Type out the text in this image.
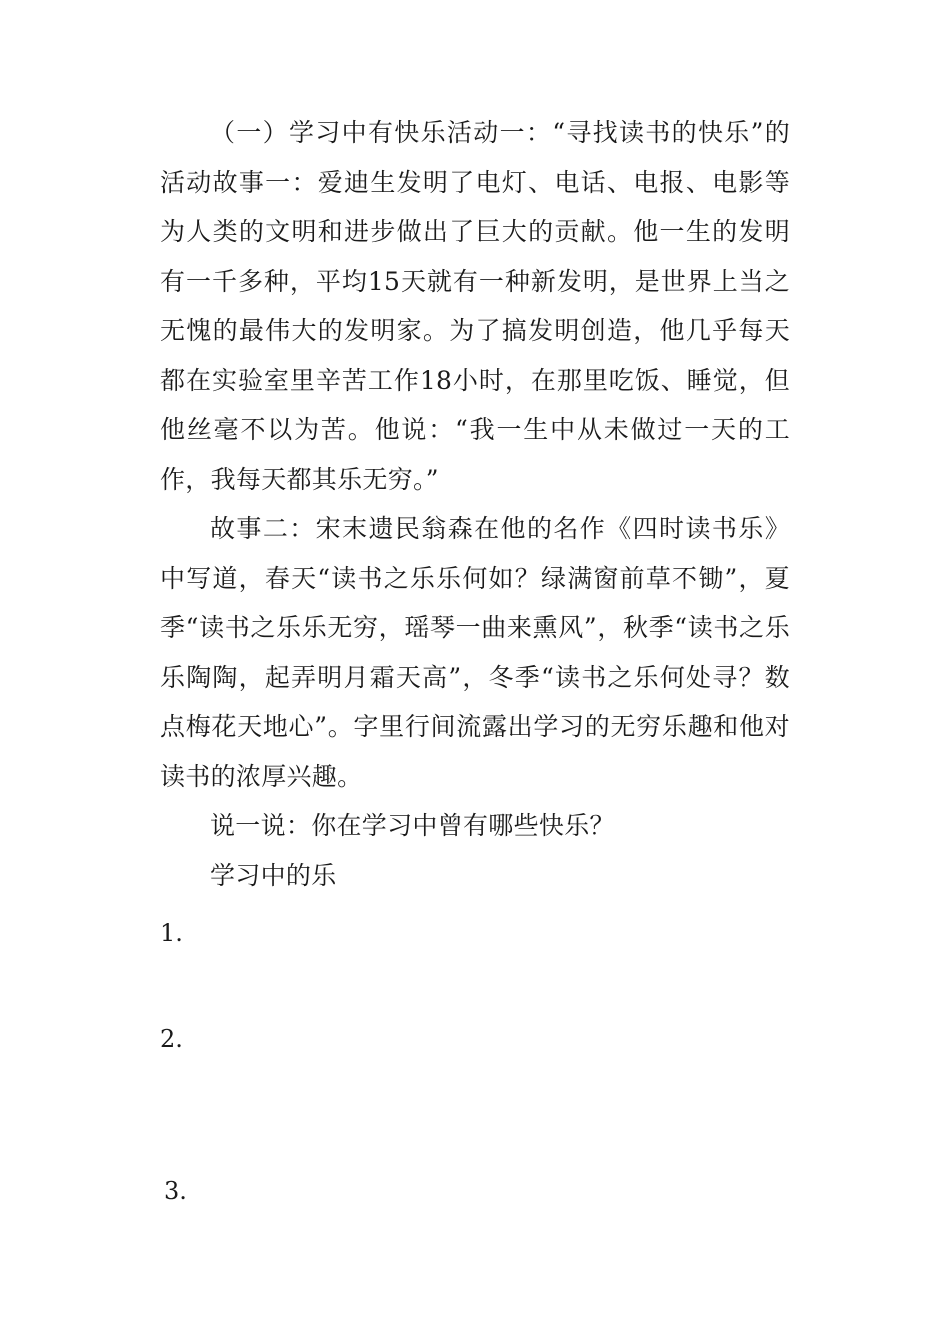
（一）学习中有快乐活动一：“寻找读书的快乐”的活动故事一：爱迪生发明了电灯、电话、电报、电影等为人类的文明和进步做出了巨大的贡献。他一生的发明有一千多种，平均15天就有一种新发明，是世界上当之无愧的最伟大的发明家。为了搞发明创造，他几乎每天都在实验室里辛苦工作18小时，在那里吃饭、睡觉，但他丝毫不以为苦。他说：“我一生中从未做过一天的工作，我每天都其乐无穷。”

故事二：宋末遗民翁森在他的名作《四时读书乐》中写道，春天“读书之乐乐何如？绿满窗前草不锄”，夏季“读书之乐乐无穷，瑶琴一曲来熏风”，秋季“读书之乐乐陶陶，起弄明月霜天高”，冬季“读书之乐何处寻？数点梅花天地心”。字里行间流露出学习的无穷乐趣和他对读书的浓厚兴趣。

说一说：你在学习中曾有哪些快乐？

学习中的乐

1.
2.
3.
